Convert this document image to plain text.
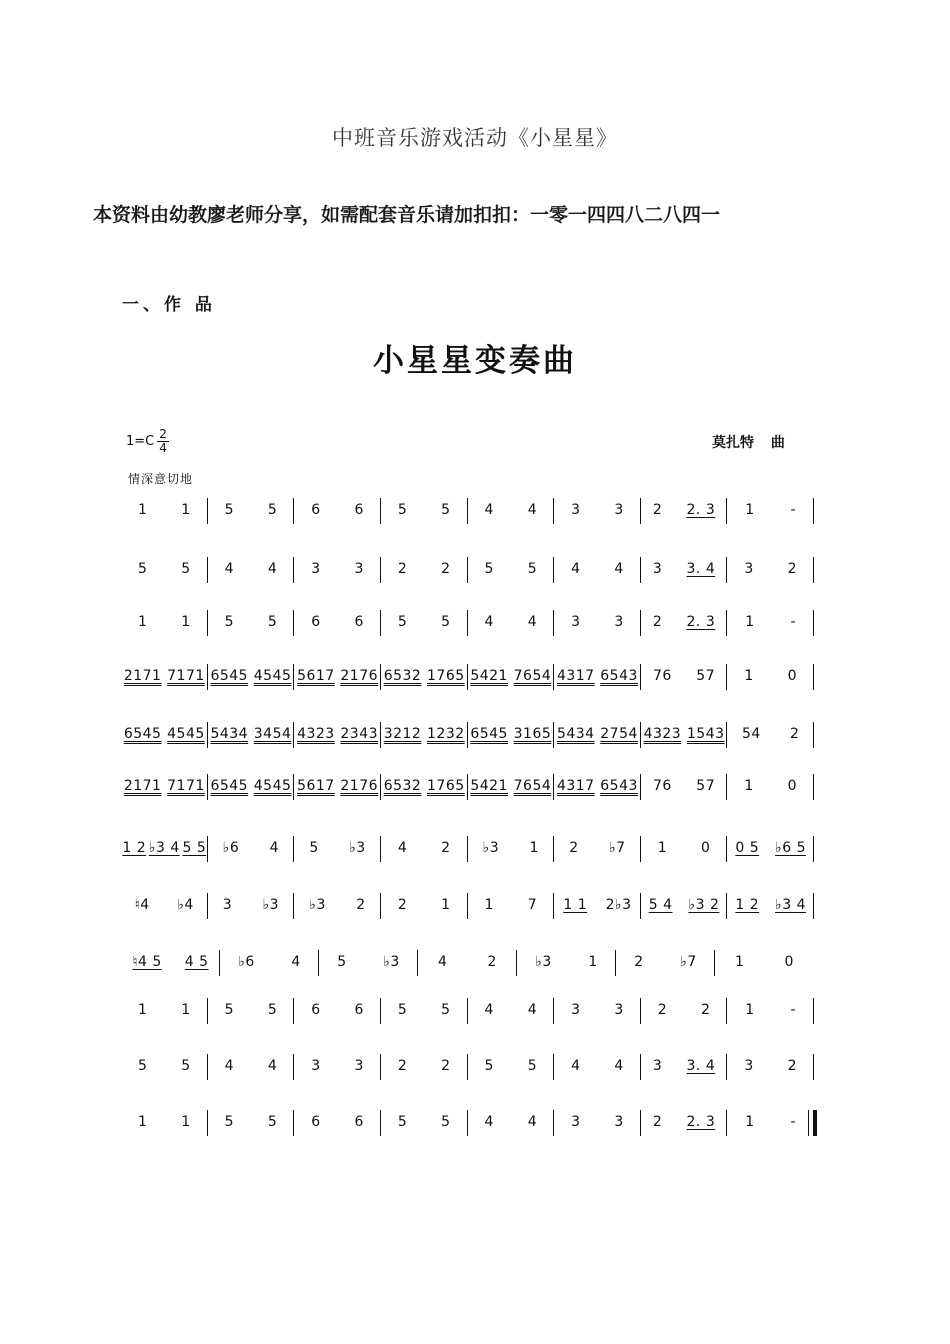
中班音乐游戏活动《小星星》
本资料由幼教廖老师分享，如需配套音乐请加扣扣：一零一四四八二八四一
一、作 品
小星星变奏曲
$1=C \frac{2}{4}$	莫扎特 曲
情深意切地
1 1 5 5 6 6 5 5 4 4 3 3 2 2. 3 1	-
5 5 4 4 3 3 2 2 5 5 4 4 3 3. 4 3 2
1 1 5 5 6 6 5 5 4 4 3 3 2 2. 3 1	-
2171 7171 6545 4545 5617 2176 6532 1765 5421 7654 4317 6543 76 57 1 0
6545 4545 5434 3454 4323 2343 3212 1232 6545 3165 5434 2754 4323 1543 54 2
2171 7171 6545 4545 5617 2176 6532 1765 5421 7654 4317 6543 76 57 1 0
1 2 ♭3 4 5 5 ♭6 4 5 ♭3 4 2 ♭3 1 2 ♭7 1 0 0 5 ♭6 5
♮4 ♭4 3 ♭3 ♭3 2 2 1 1 7 1 1 2♭3 5 4 ♭3 2 1 2 ♭3 4
♮4 5 4 5 ♭6	4	5	♭3	4	2	♭3	1	2	♭7	1	0
1 1 5 5 6 6 5 5 4 4 3 3 2 2 1	-
5 5 4 4 3 3 2 2 5 5 4 4 3 3. 4 3 2
1 1 5 5 6 6 5 5 4 4 3 3 2 2. 3 1	-
